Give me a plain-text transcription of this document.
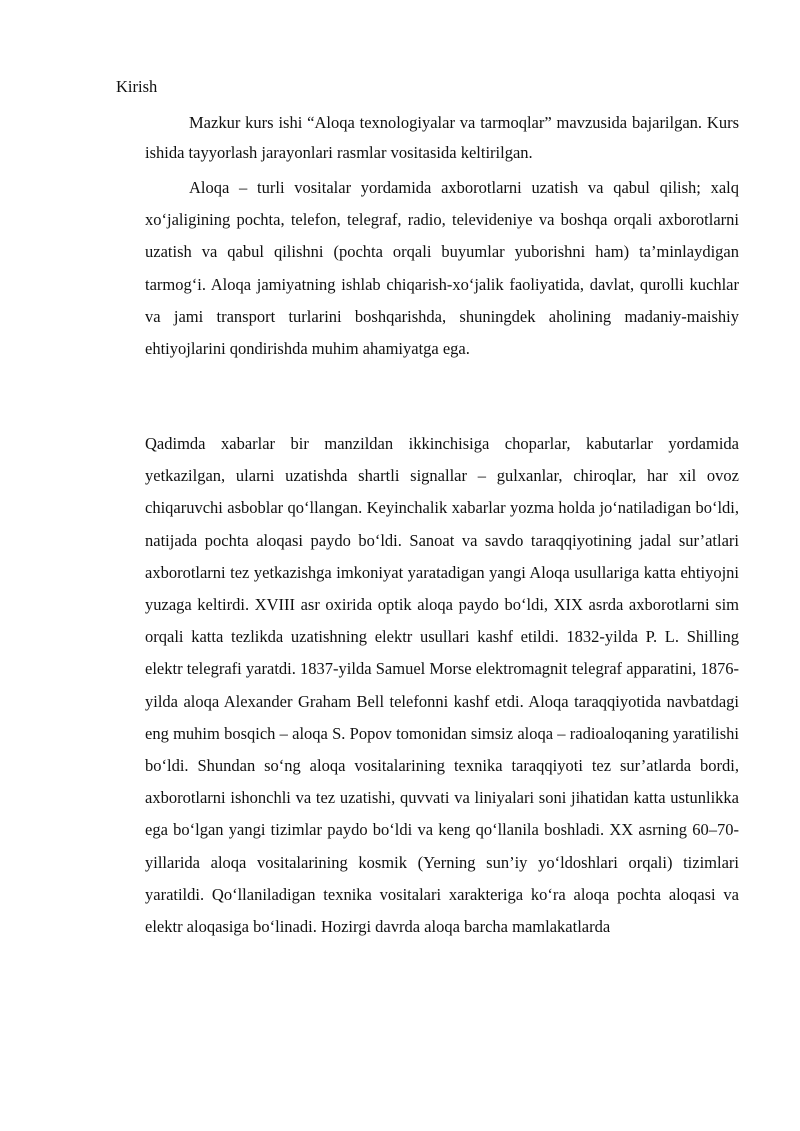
Kirish

Mazkur kurs ishi “Aloqa texnologiyalar va tarmoqlar” mavzusida bajarilgan. Kurs ishida tayyorlash jarayonlari rasmlar vositasida keltirilgan.

Aloqa – turli vositalar yordamida axborotlarni uzatish va qabul qilish; xalq xo‘jaligining pochta, telefon, telegraf, radio, televideniye va boshqa orqali axborotlarni uzatish va qabul qilishni (pochta orqali buyumlar yuborishni ham) ta’minlaydigan tarmog‘i. Aloqa jamiyatning ishlab chiqarish-xo‘jalik faoliyatida, davlat, qurolli kuchlar va jami transport turlarini boshqarishda, shuningdek aholining madaniy-maishiy ehtiyojlarini qondirishda muhim ahamiyatga ega.

Qadimda xabarlar bir manzildan ikkinchisiga choparlar, kabutarlar yordamida yetkazilgan, ularni uzatishda shartli signallar – gulxanlar, chiroqlar, har xil ovoz chiqaruvchi asboblar qo‘llangan. Keyinchalik xabarlar yozma holda jo‘natiladigan bo‘ldi, natijada pochta aloqasi paydo bo‘ldi. Sanoat va savdo taraqqiyotining jadal sur’atlari axborotlarni tez yetkazishga imkoniyat yaratadigan yangi Aloqa usullariga katta ehtiyojni yuzaga keltirdi. XVIII asr oxirida optik aloqa paydo bo‘ldi, XIX asrda axborotlarni sim orqali katta tezlikda uzatishning elektr usullari kashf etildi. 1832-yilda P. L. Shilling elektr telegrafi yaratdi. 1837-yilda Samuel Morse elektromagnit telegraf apparatini, 1876-yilda aloqa Alexander Graham Bell telefonni kashf etdi. Aloqa taraqqiyotida navbatdagi eng muhim bosqich – aloqa S. Popov tomonidan simsiz aloqa – radioaloqaning yaratilishi bo‘ldi. Shundan so‘ng aloqa vositalarining texnika taraqqiyoti tez sur’atlarda bordi, axborotlarni ishonchli va tez uzatishi, quvvati va liniyalari soni jihatidan katta ustunlikka ega bo‘lgan yangi tizimlar paydo bo‘ldi va keng qo‘llanila boshladi. XX asrning 60–70-yillarida aloqa vositalarining kosmik (Yerning sun’iy yo‘ldoshlari orqali) tizimlari yaratildi. Qo‘llaniladigan texnika vositalari xarakteriga ko‘ra aloqa pochta aloqasi va elektr aloqasiga bo‘linadi. Hozirgi davrda aloqa barcha mamlakatlarda
